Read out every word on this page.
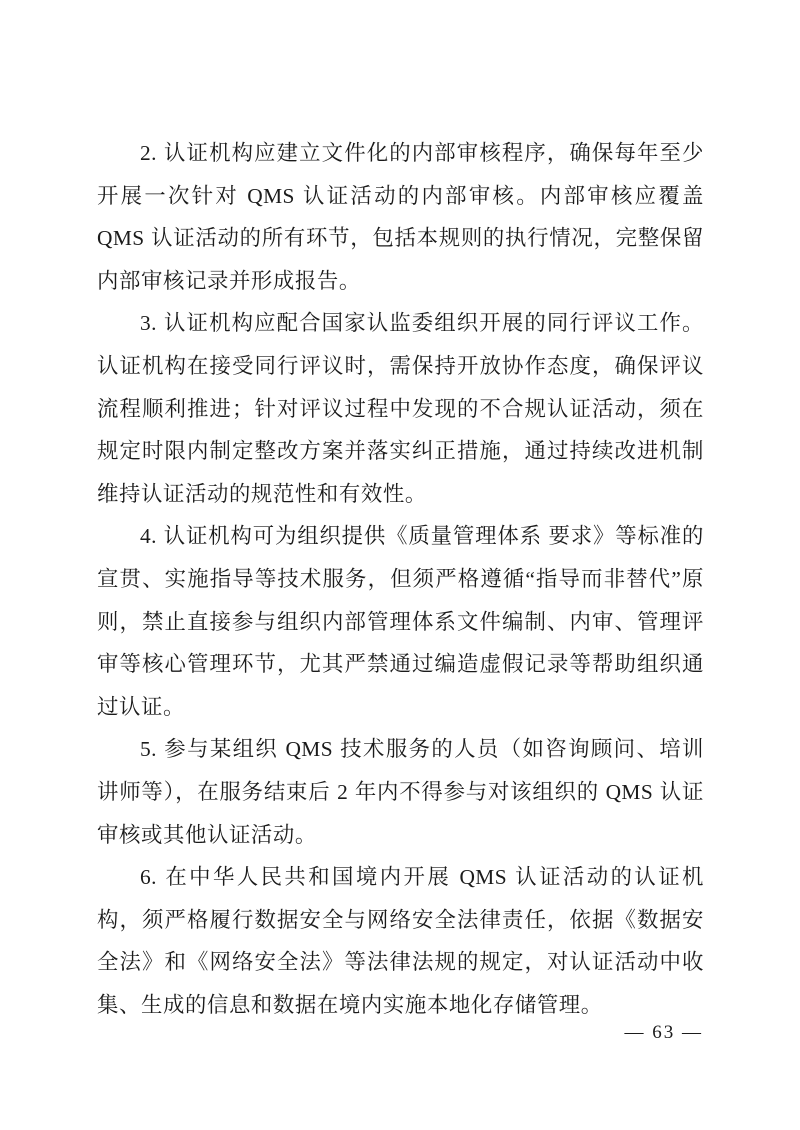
2. 认证机构应建立文件化的内部审核程序，确保每年至少开展一次针对 QMS 认证活动的内部审核。内部审核应覆盖 QMS 认证活动的所有环节，包括本规则的执行情况，完整保留内部审核记录并形成报告。

3. 认证机构应配合国家认监委组织开展的同行评议工作。认证机构在接受同行评议时，需保持开放协作态度，确保评议流程顺利推进；针对评议过程中发现的不合规认证活动，须在规定时限内制定整改方案并落实纠正措施，通过持续改进机制维持认证活动的规范性和有效性。

4. 认证机构可为组织提供《质量管理体系 要求》等标准的宣贯、实施指导等技术服务，但须严格遵循“指导而非替代”原则，禁止直接参与组织内部管理体系文件编制、内审、管理评审等核心管理环节，尤其严禁通过编造虚假记录等帮助组织通过认证。

5. 参与某组织 QMS 技术服务的人员（如咨询顾问、培训讲师等），在服务结束后 2 年内不得参与对该组织的 QMS 认证审核或其他认证活动。

6. 在中华人民共和国境内开展 QMS 认证活动的认证机构，须严格履行数据安全与网络安全法律责任，依据《数据安全法》和《网络安全法》等法律法规的规定，对认证活动中收集、生成的信息和数据在境内实施本地化存储管理。

— 63 —
